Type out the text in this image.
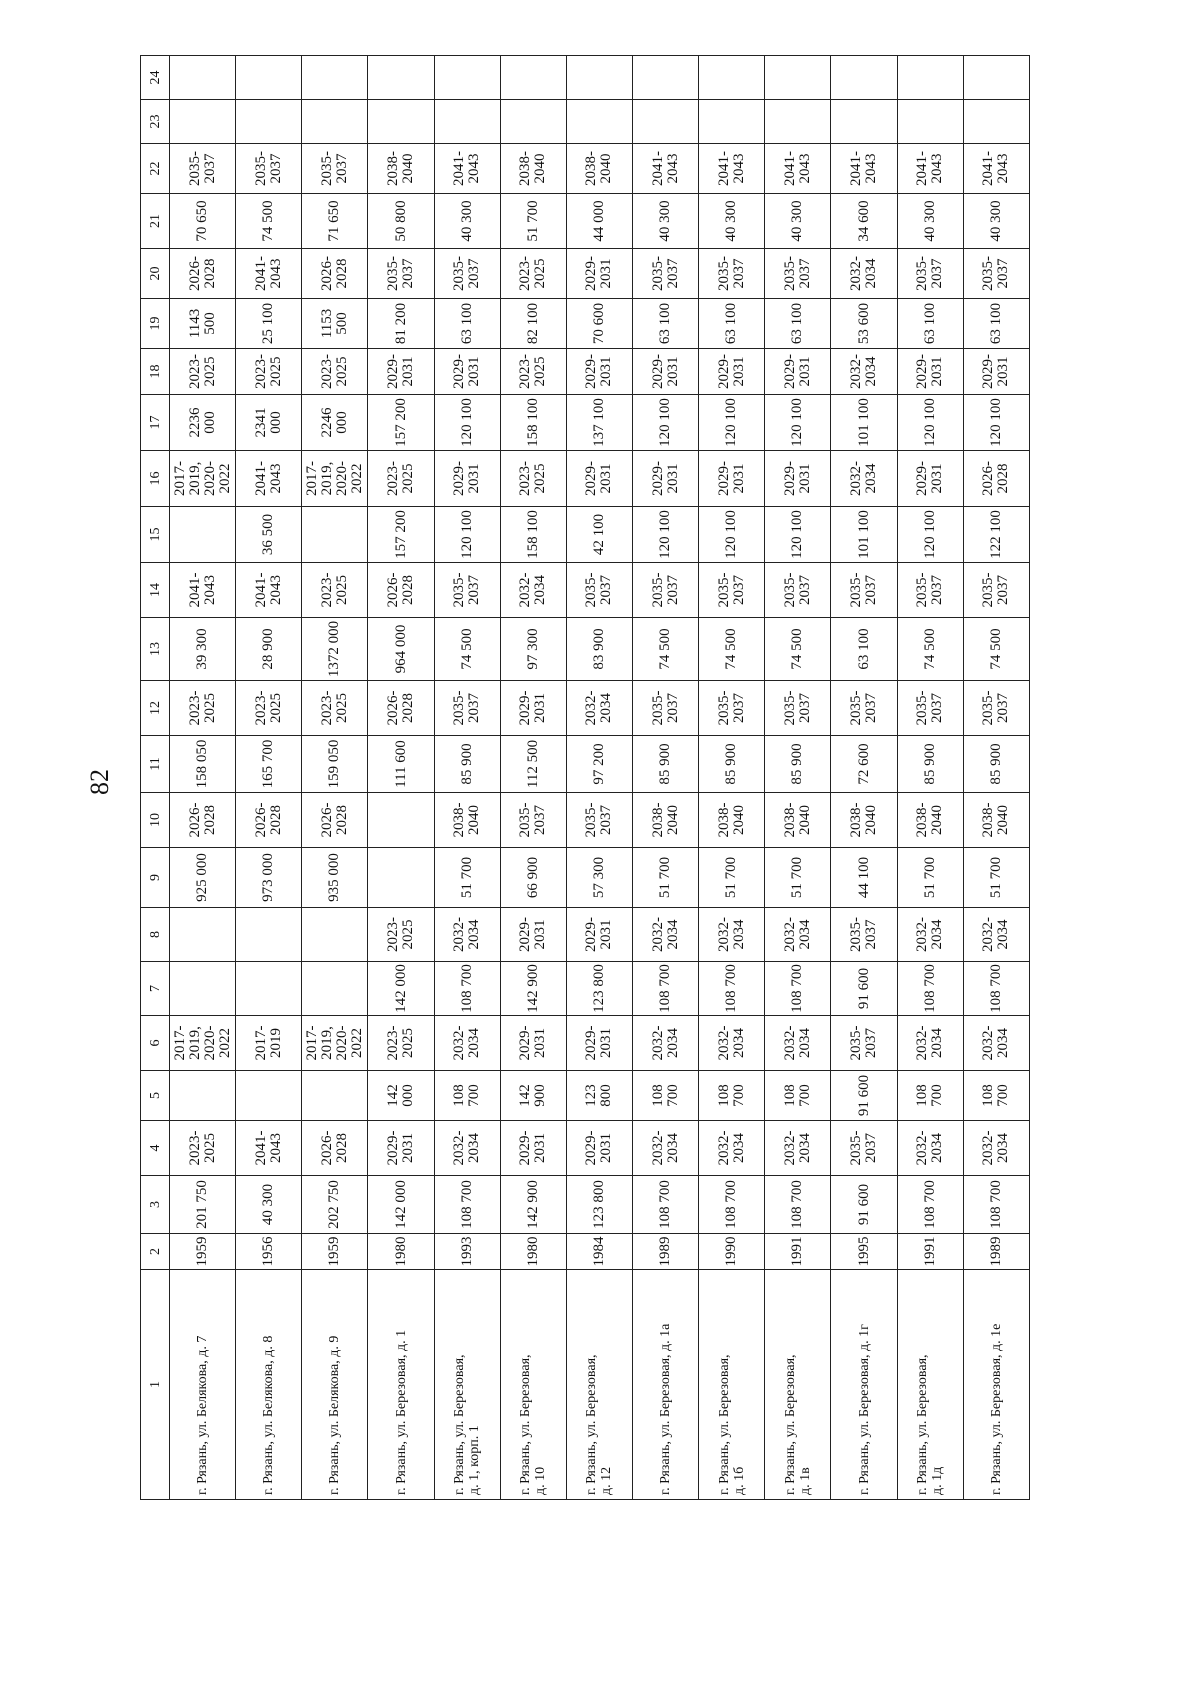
82
1	2	3	4	5	6	7	8	9	10	11	12	13	14	15	16	17	18	19	20	21	22	23	24
г. Рязань, ул. Белякова, д. 7	1959	201 750	2023-
2025		2017-
2019,
2020-
2022			925 000	2026-
2028	158 050	2023-
2025	39 300	2041-
2043		2017-
2019,
2020-
2022	2236
000	2023-
2025	1143
500	2026-
2028	70 650	2035-
2037		
г. Рязань, ул. Белякова, д. 8	1956	40 300	2041-
2043		2017-
2019			973 000	2026-
2028	165 700	2023-
2025	28 900	2041-
2043	36 500	2041-
2043	2341
000	2023-
2025	25 100	2041-
2043	74 500	2035-
2037		
г. Рязань, ул. Белякова, д. 9	1959	202 750	2026-
2028		2017-
2019,
2020-
2022			935 000	2026-
2028	159 050	2023-
2025	1372 000	2023-
2025		2017-
2019,
2020-
2022	2246
000	2023-
2025	1153
500	2026-
2028	71 650	2035-
2037		
г. Рязань, ул. Березовая, д. 1	1980	142 000	2029-
2031	142 000	2023-
2025	142 000	2023-
2025			111 600	2026-
2028	964 000	2026-
2028	157 200	2023-
2025	157 200	2029-
2031	81 200	2035-
2037	50 800	2038-
2040		
г. Рязань, ул. Березовая,
д. 1, корп. 1	1993	108 700	2032-
2034	108 700	2032-
2034	108 700	2032-
2034	51 700	2038-
2040	85 900	2035-
2037	74 500	2035-
2037	120 100	2029-
2031	120 100	2029-
2031	63 100	2035-
2037	40 300	2041-
2043		
г. Рязань, ул. Березовая,
д. 10	1980	142 900	2029-
2031	142 900	2029-
2031	142 900	2029-
2031	66 900	2035-
2037	112 500	2029-
2031	97 300	2032-
2034	158 100	2023-
2025	158 100	2023-
2025	82 100	2023-
2025	51 700	2038-
2040		
г. Рязань, ул. Березовая,
д. 12	1984	123 800	2029-
2031	123 800	2029-
2031	123 800	2029-
2031	57 300	2035-
2037	97 200	2032-
2034	83 900	2035-
2037	42 100	2029-
2031	137 100	2029-
2031	70 600	2029-
2031	44 000	2038-
2040		
г. Рязань, ул. Березовая, д. 1а	1989	108 700	2032-
2034	108 700	2032-
2034	108 700	2032-
2034	51 700	2038-
2040	85 900	2035-
2037	74 500	2035-
2037	120 100	2029-
2031	120 100	2029-
2031	63 100	2035-
2037	40 300	2041-
2043		
г. Рязань, ул. Березовая,
д. 1б	1990	108 700	2032-
2034	108 700	2032-
2034	108 700	2032-
2034	51 700	2038-
2040	85 900	2035-
2037	74 500	2035-
2037	120 100	2029-
2031	120 100	2029-
2031	63 100	2035-
2037	40 300	2041-
2043		
г. Рязань, ул. Березовая,
д. 1в	1991	108 700	2032-
2034	108 700	2032-
2034	108 700	2032-
2034	51 700	2038-
2040	85 900	2035-
2037	74 500	2035-
2037	120 100	2029-
2031	120 100	2029-
2031	63 100	2035-
2037	40 300	2041-
2043		
г. Рязань, ул. Березовая, д. 1г	1995	91 600	2035-
2037	91 600	2035-
2037	91 600	2035-
2037	44 100	2038-
2040	72 600	2035-
2037	63 100	2035-
2037	101 100	2032-
2034	101 100	2032-
2034	53 600	2032-
2034	34 600	2041-
2043		
г. Рязань, ул. Березовая,
д. 1д	1991	108 700	2032-
2034	108 700	2032-
2034	108 700	2032-
2034	51 700	2038-
2040	85 900	2035-
2037	74 500	2035-
2037	120 100	2029-
2031	120 100	2029-
2031	63 100	2035-
2037	40 300	2041-
2043		
г. Рязань, ул. Березовая, д. 1е	1989	108 700	2032-
2034	108 700	2032-
2034	108 700	2032-
2034	51 700	2038-
2040	85 900	2035-
2037	74 500	2035-
2037	122 100	2026-
2028	120 100	2029-
2031	63 100	2035-
2037	40 300	2041-
2043		
